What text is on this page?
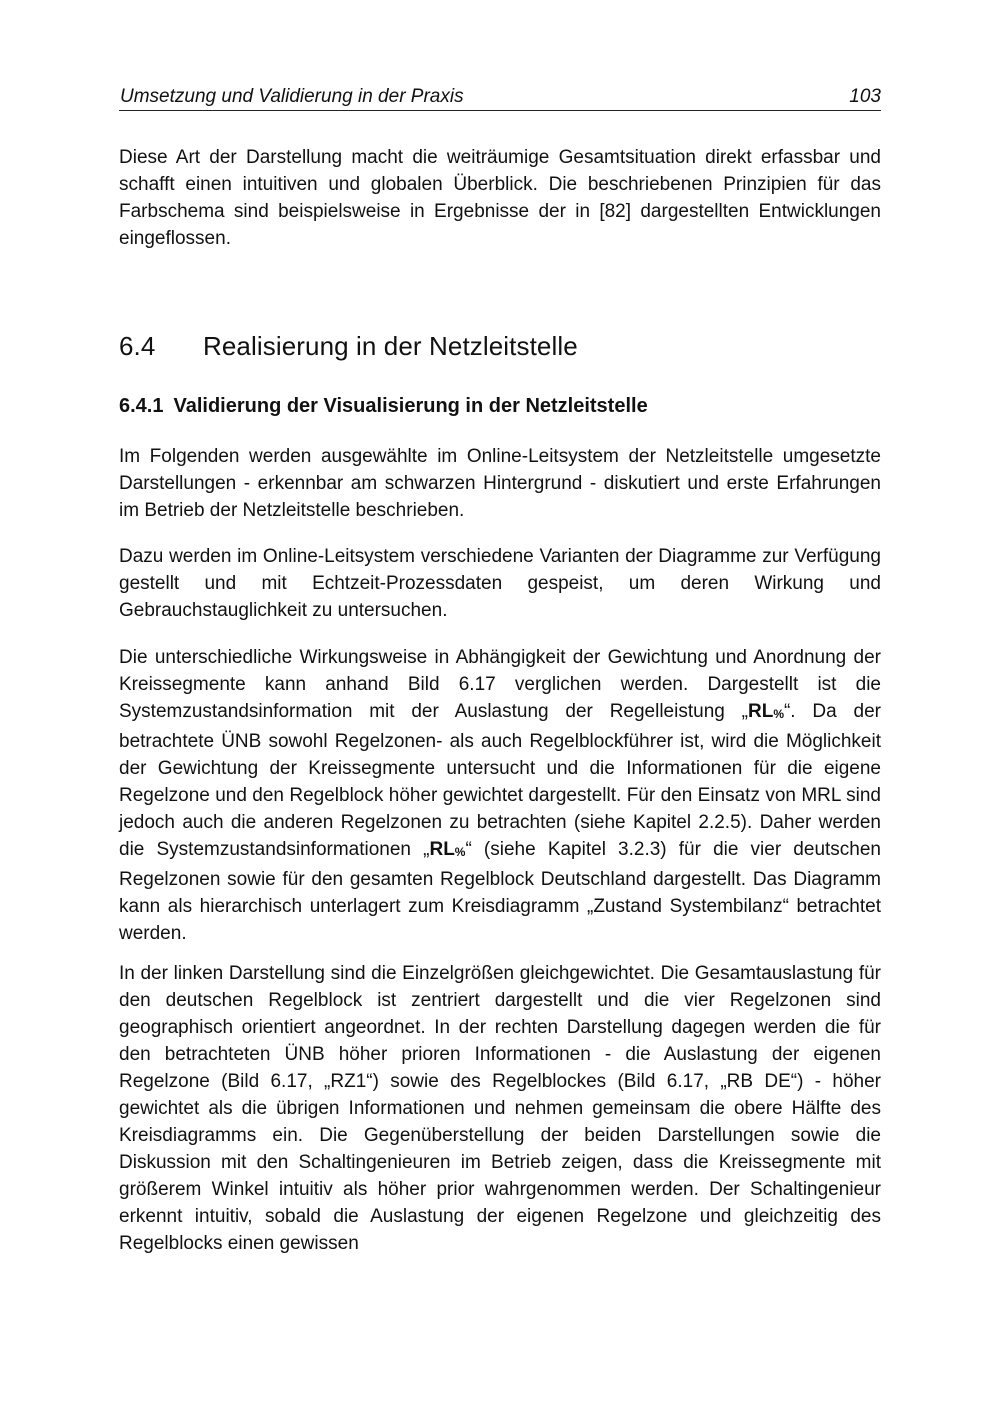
Umsetzung und Validierung in der Praxis	103

Diese Art der Darstellung macht die weiträumige Gesamtsituation direkt erfassbar und schafft einen intuitiven und globalen Überblick. Die beschriebenen Prinzipien für das Farbschema sind beispielsweise in Ergebnisse der in [82] dargestellten Entwicklungen eingeflossen.

6.4 Realisierung in der Netzleitstelle
6.4.1 Validierung der Visualisierung in der Netzleitstelle

Im Folgenden werden ausgewählte im Online-Leitsystem der Netzleitstelle umgesetzte Darstellungen - erkennbar am schwarzen Hintergrund - diskutiert und erste Erfahrungen im Betrieb der Netzleitstelle beschrieben.

Dazu werden im Online-Leitsystem verschiedene Varianten der Diagramme zur Verfügung gestellt und mit Echtzeit-Prozessdaten gespeist, um deren Wirkung und Gebrauchstauglichkeit zu untersuchen.

Die unterschiedliche Wirkungsweise in Abhängigkeit der Gewichtung und Anordnung der Kreissegmente kann anhand Bild 6.17 verglichen werden. Dargestellt ist die Systemzustandsinformation mit der Auslastung der Regelleistung $„RL_{\%}“$. Da der betrachtete ÜNB sowohl Regelzonen- als auch Regelblockführer ist, wird die Möglichkeit der Gewichtung der Kreissegmente untersucht und die Informationen für die eigene Regelzone und den Regelblock höher gewichtet dargestellt. Für den Einsatz von MRL sind jedoch auch die anderen Regelzonen zu betrachten (siehe Kapitel 2.2.5). Daher werden die Systemzustandsinformationen $„RL_{\%}“$ (siehe Kapitel 3.2.3) für die vier deutschen Regelzonen sowie für den gesamten Regelblock Deutschland dargestellt. Das Diagramm kann als hierarchisch unterlagert zum Kreisdiagramm „Zustand Systembilanz“ betrachtet werden.

In der linken Darstellung sind die Einzelgrößen gleichgewichtet. Die Gesamtauslastung für den deutschen Regelblock ist zentriert dargestellt und die vier Regelzonen sind geographisch orientiert angeordnet. In der rechten Darstellung dagegen werden die für den betrachteten ÜNB höher prioren Informationen - die Auslastung der eigenen Regelzone (Bild 6.17, „RZ1“) sowie des Regelblockes (Bild 6.17, „RB DE“) - höher gewichtet als die übrigen Informationen und nehmen gemeinsam die obere Hälfte des Kreisdiagramms ein. Die Gegenüberstellung der beiden Darstellungen sowie die Diskussion mit den Schaltingenieuren im Betrieb zeigen, dass die Kreissegmente mit größerem Winkel intuitiv als höher prior wahrgenommen werden. Der Schaltingenieur erkennt intuitiv, sobald die Auslastung der eigenen Regelzone und gleichzeitig des Regelblocks einen gewissen
